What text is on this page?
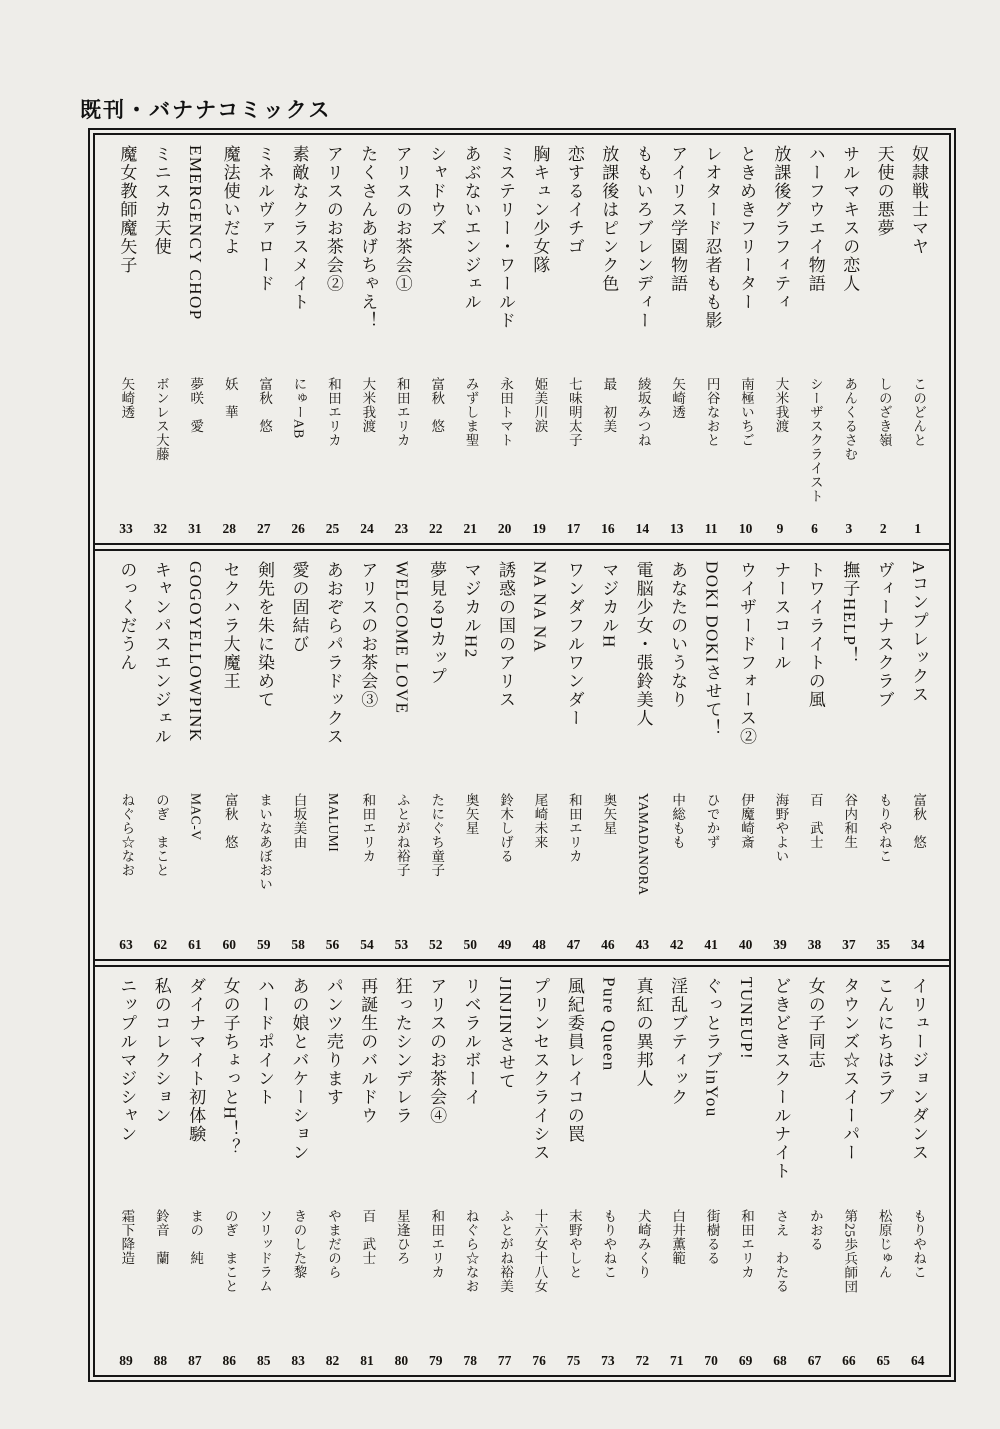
既刊・バナナコミックス
奴隷戦士マヤ
このどんと
1
天使の悪夢
しのざき嶺
2
サルマキスの恋人
あんくるさむ
3
ハーフウエイ物語
シーザスクライスト
6
放課後グラフィティ
大米我渡
9
ときめきフリーター
南極いちご
10
レオタード忍者もも影
円谷なおと
11
アイリス学園物語
矢崎透
13
ももいろブレンディー
綾坂みつね
14
放課後はピンク色
最　初美
16
恋するイチゴ
七味明太子
17
胸キュン少女隊
姫美川涙
19
ミステリー・ワールド
永田トマト
20
あぶないエンジェル
みずしま聖
21
シャドウズ
富秋　悠
22
アリスのお茶会①
和田エリカ
23
たくさんあげちゃえ！
大米我渡
24
アリスのお茶会②
和田エリカ
25
素敵なクラスメイト
にゅーAB
26
ミネルヴァロード
富秋　悠
27
魔法使いだよ
妖　華
28
EMERGENCY CHOP
夢咲　愛
31
ミニスカ天使
ボンレス大藤
32
魔女教師魔矢子
矢崎透
33
Aコンプレックス
富秋　悠
34
ヴィーナスクラブ
もりやねこ
35
撫子HELP！
谷内和生
37
トワイライトの風
百　武士
38
ナースコール
海野やよい
39
ウイザードフォース②
伊魔崎斎
40
DOKI DOKIさせて！
ひでかず
41
あなたのいうなり
中総もも
42
電脳少女・張鈴美人
YAMADANORA
43
マジカルH
奥矢星
46
ワンダフルワンダー
和田エリカ
47
NA NA NA
尾崎未来
48
誘惑の国のアリス
鈴木しげる
49
マジカルH2
奥矢星
50
夢見るDカップ
たにぐち童子
52
WELCOME LOVE
ふとがね裕子
53
アリスのお茶会③
和田エリカ
54
あおぞらパラドックス
MALUMI
56
愛の固結び
白坂美由
58
剣先を朱に染めて
まいなあぼおい
59
セクハラ大魔王
富秋　悠
60
GOGOYELLOWPINK
MAC-V
61
キャンパスエンジェル
のぎ　まこと
62
のっくだうん
ねぐら☆なお
63
イリュージョンダンス
もりやねこ
64
こんにちはラブ
松原じゅん
65
タウンズ☆スイーパー
第25歩兵師団
66
女の子同志
かおる
67
どきどきスクールナイト
さえ　わたる
68
TUNEUP!
和田エリカ
69
ぐっとラブinYou
街樹るる
70
淫乱ブティック
白井薫範
71
真紅の異邦人
犬崎みくり
72
Pure Queen
もりやねこ
73
風紀委員レイコの罠
末野やしと
75
プリンセスクライシス
十六女十八女
76
JINJINさせて
ふとがね裕美
77
リベラルボーイ
ねぐら☆なお
78
アリスのお茶会④
和田エリカ
79
狂ったシンデレラ
星逢ひろ
80
再誕生のバルドウ
百　武士
81
パンツ売ります
やまだのら
82
あの娘とバケーション
きのした黎
83
ハードポイント
ソリッドラム
85
女の子ちょっとH！？
のぎ　まこと
86
ダイナマイト初体験
まの　純
87
私のコレクション
鈴音　蘭
88
ニップルマジシャン
霜下降造
89
